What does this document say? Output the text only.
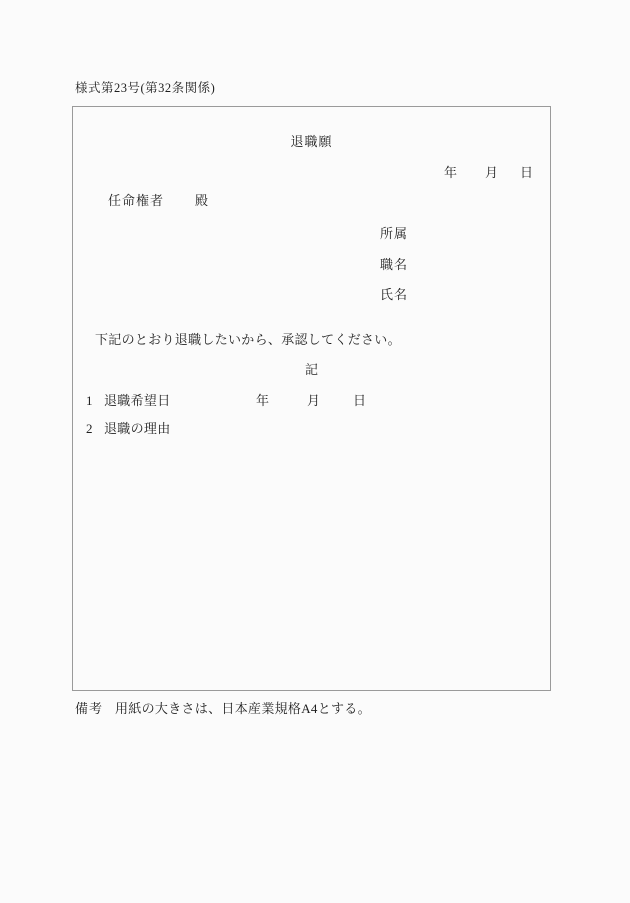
様式第23号(第32条関係)
退職願
年 月 日
任命権者 殿
所属
職名
氏名
下記のとおり退職したいから、承認してください。
記
1 退職希望日	年	月	日
2 退職の理由
備考 用紙の大きさは、日本産業規格A4とする。
